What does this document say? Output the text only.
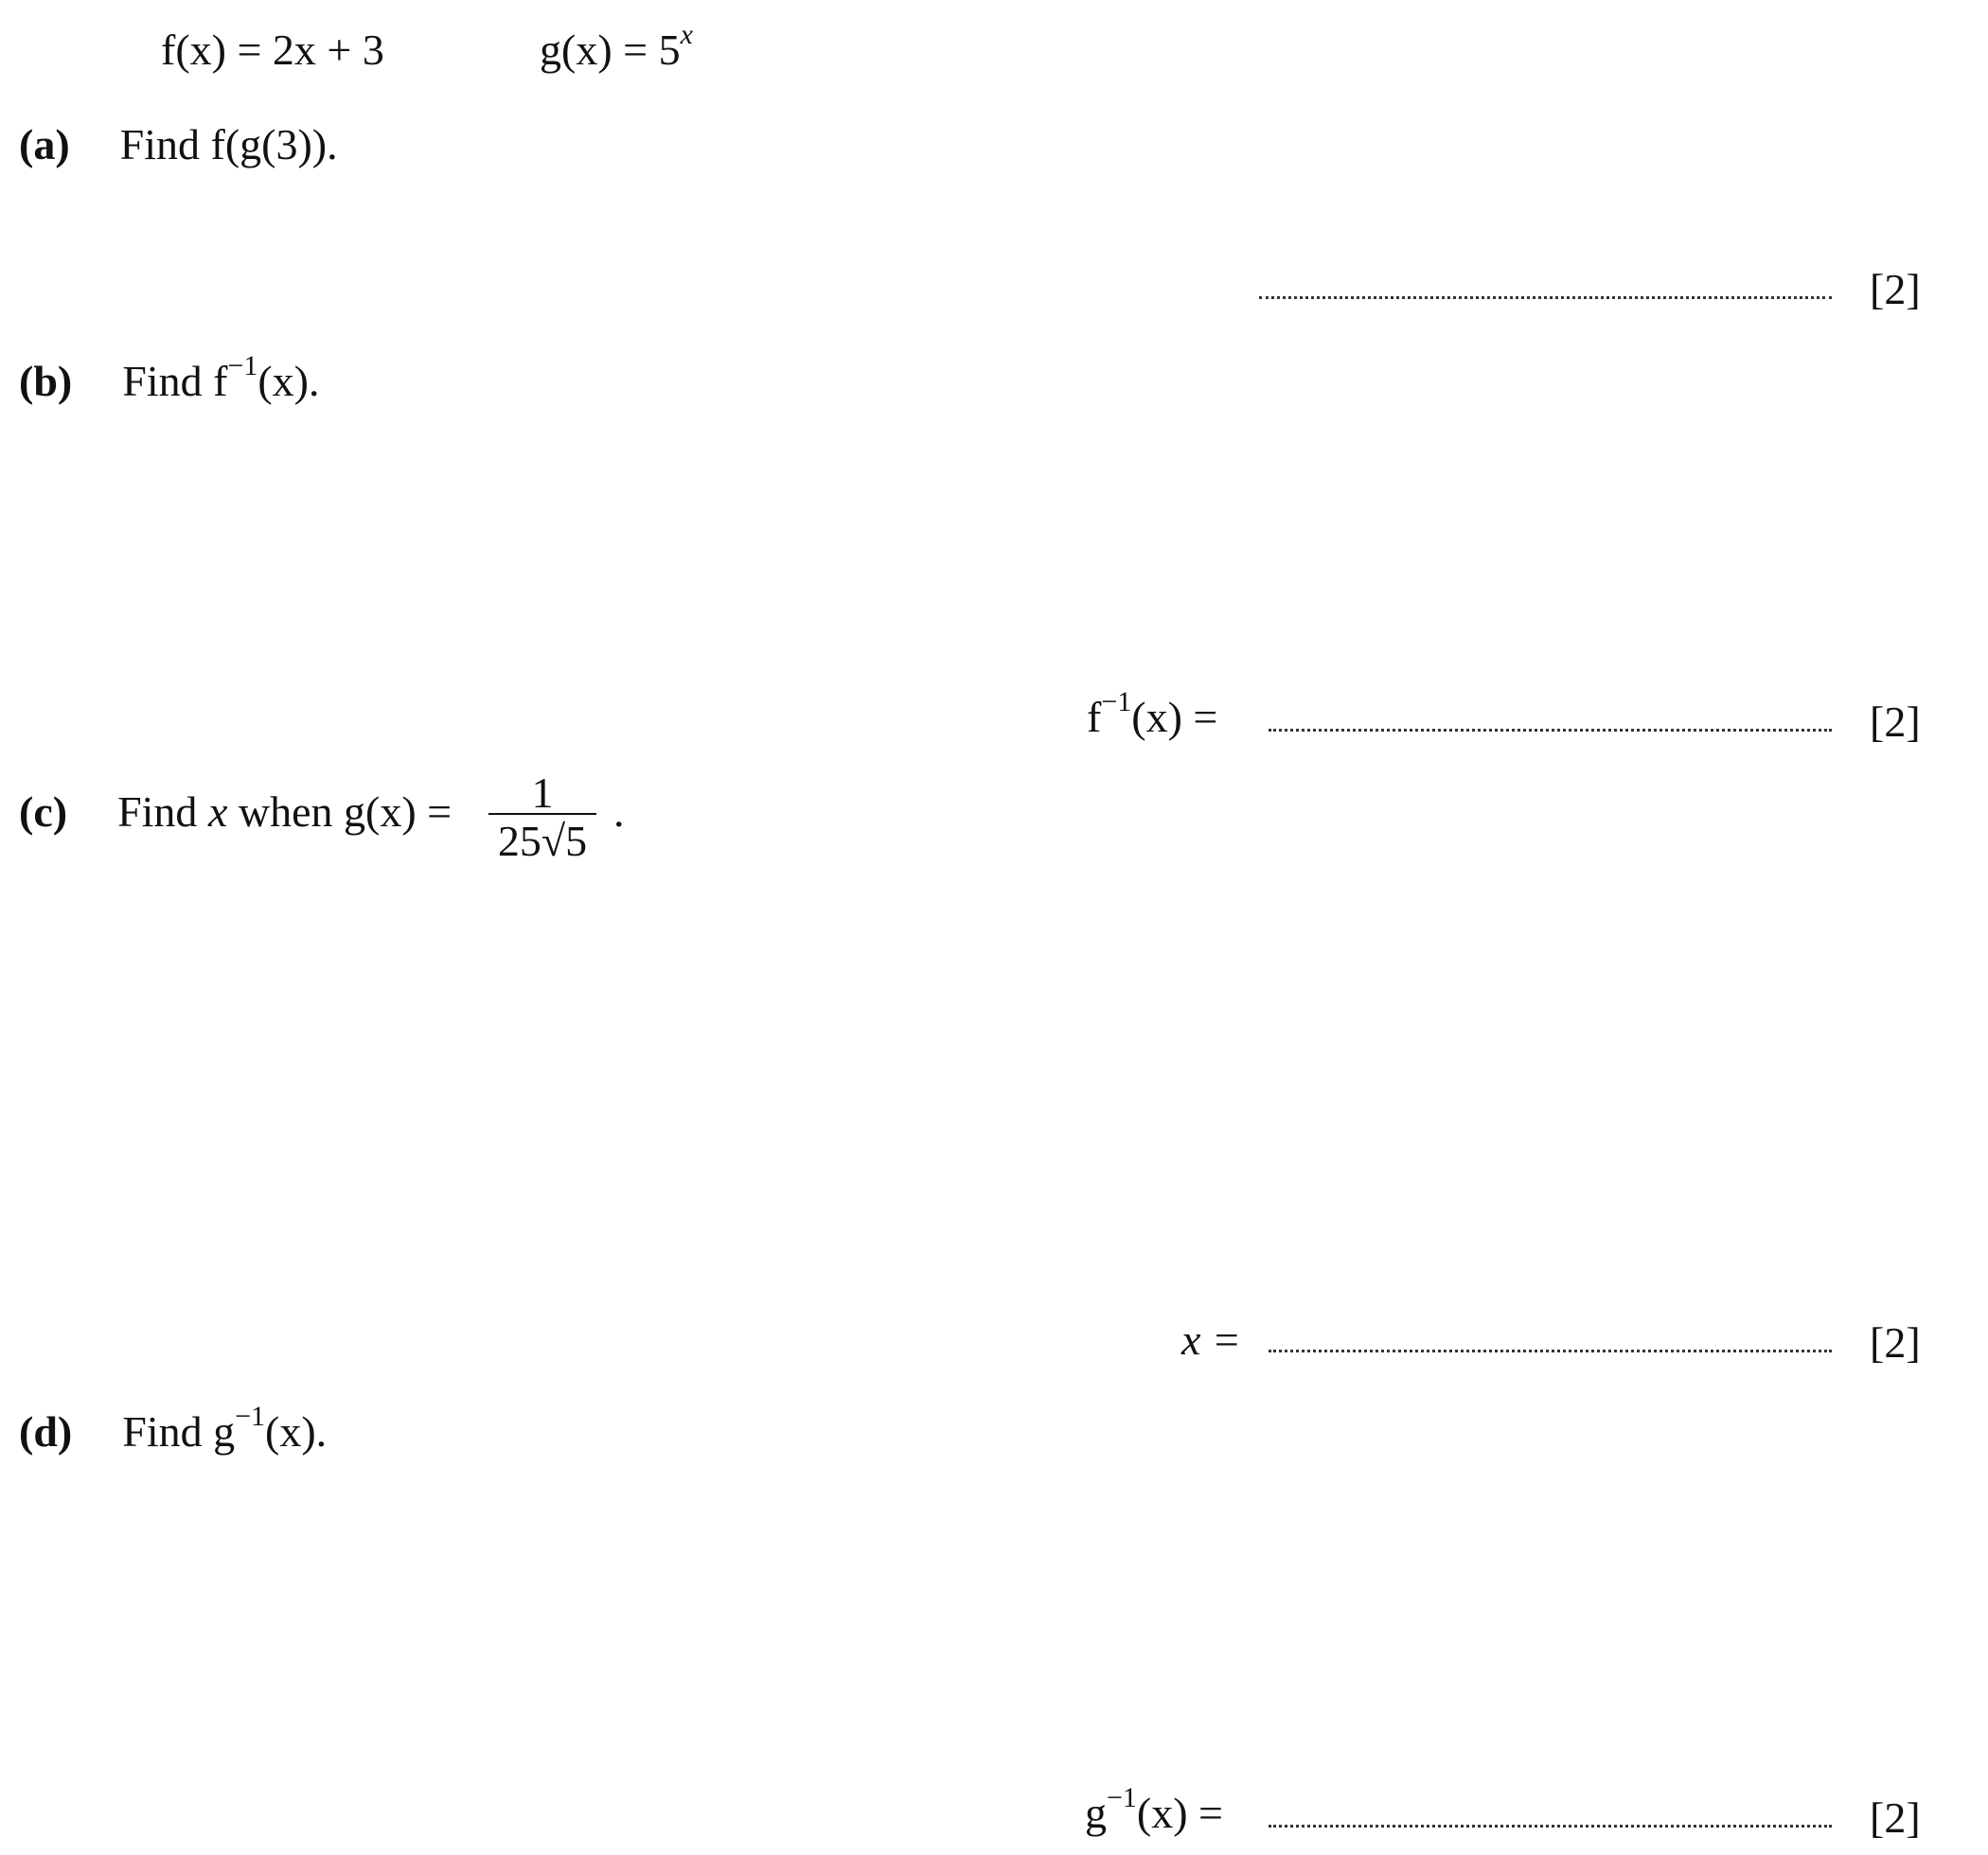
f(x) = 2x + 3	$g(x) = 5^x$
(a) Find f(g(3)).
[2]
(b) Find $f^{-1}(x)$.
$f^{-1}(x)$ =	[2]
(c) Find x when g(x) =	1
25√5
.
x =	[2]
(d) Find $g^{-1}(x)$.
$g^{-1}(x)$ =	[2]
